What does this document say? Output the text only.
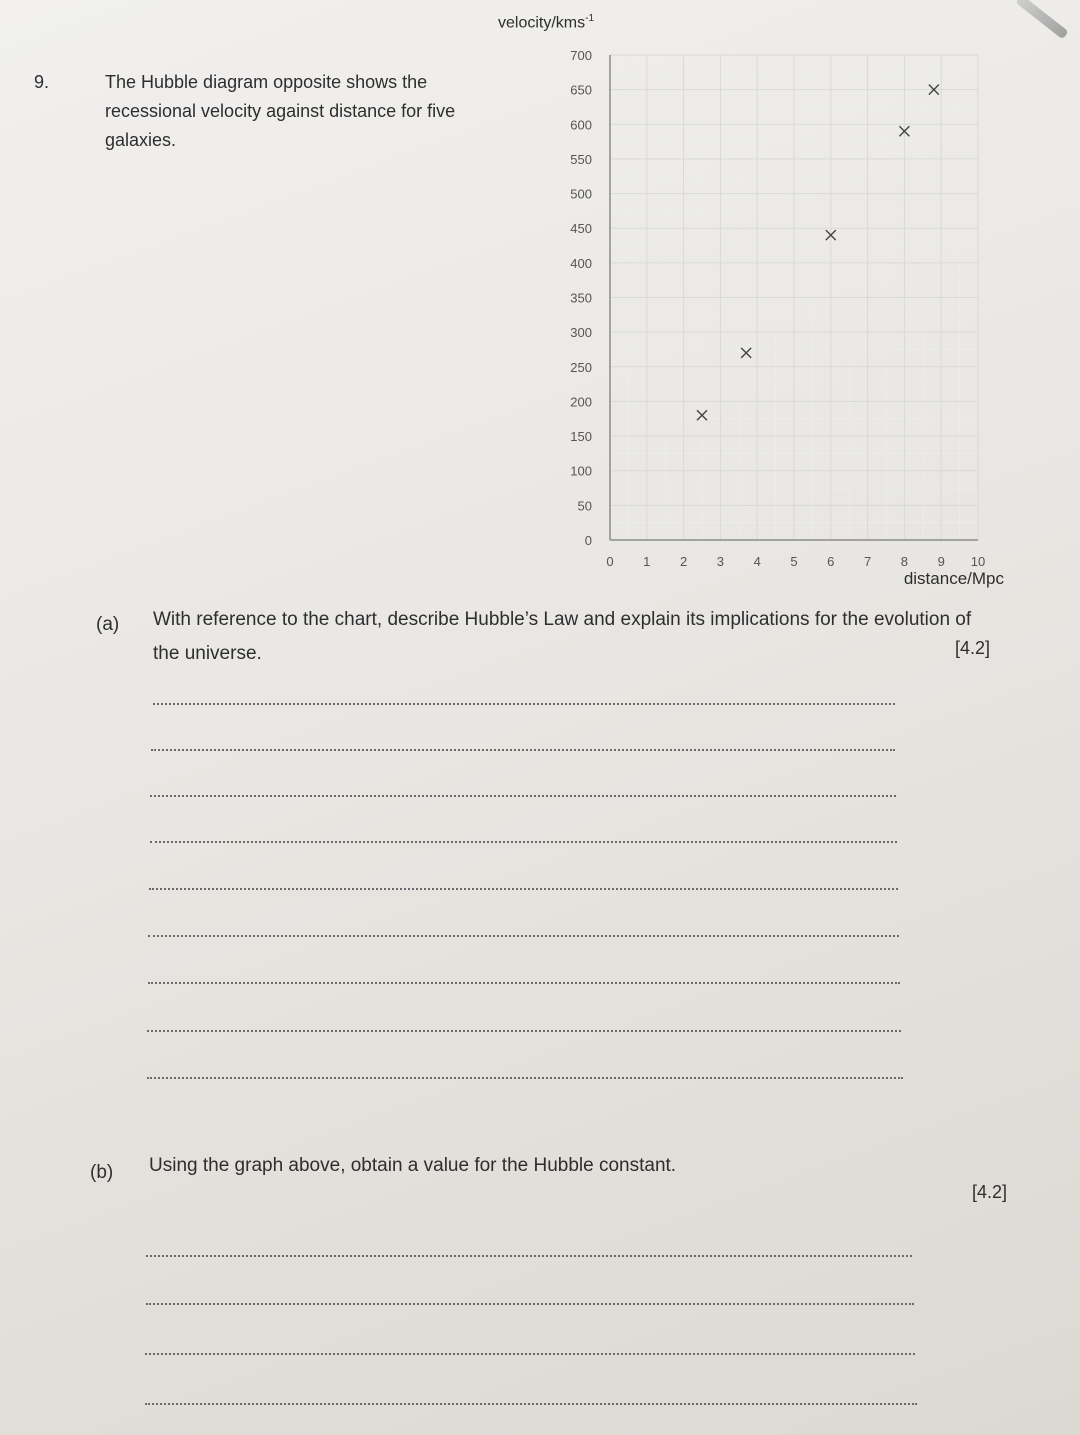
9.	The Hubble diagram opposite shows the recessional velocity against distance for five galaxies.
velocity/kms$^{-1}$
0
50
100
150
200
250
300
350
400
450
500
550
600
650
700
0 1 2 3 4 5 6 7 8 9 10
distance/Mpc
(a) With reference to the chart, describe Hubble’s Law and explain its implications for the evolution of the universe.	[4.2]
(b) Using the graph above, obtain a value for the Hubble constant.
[4.2]
